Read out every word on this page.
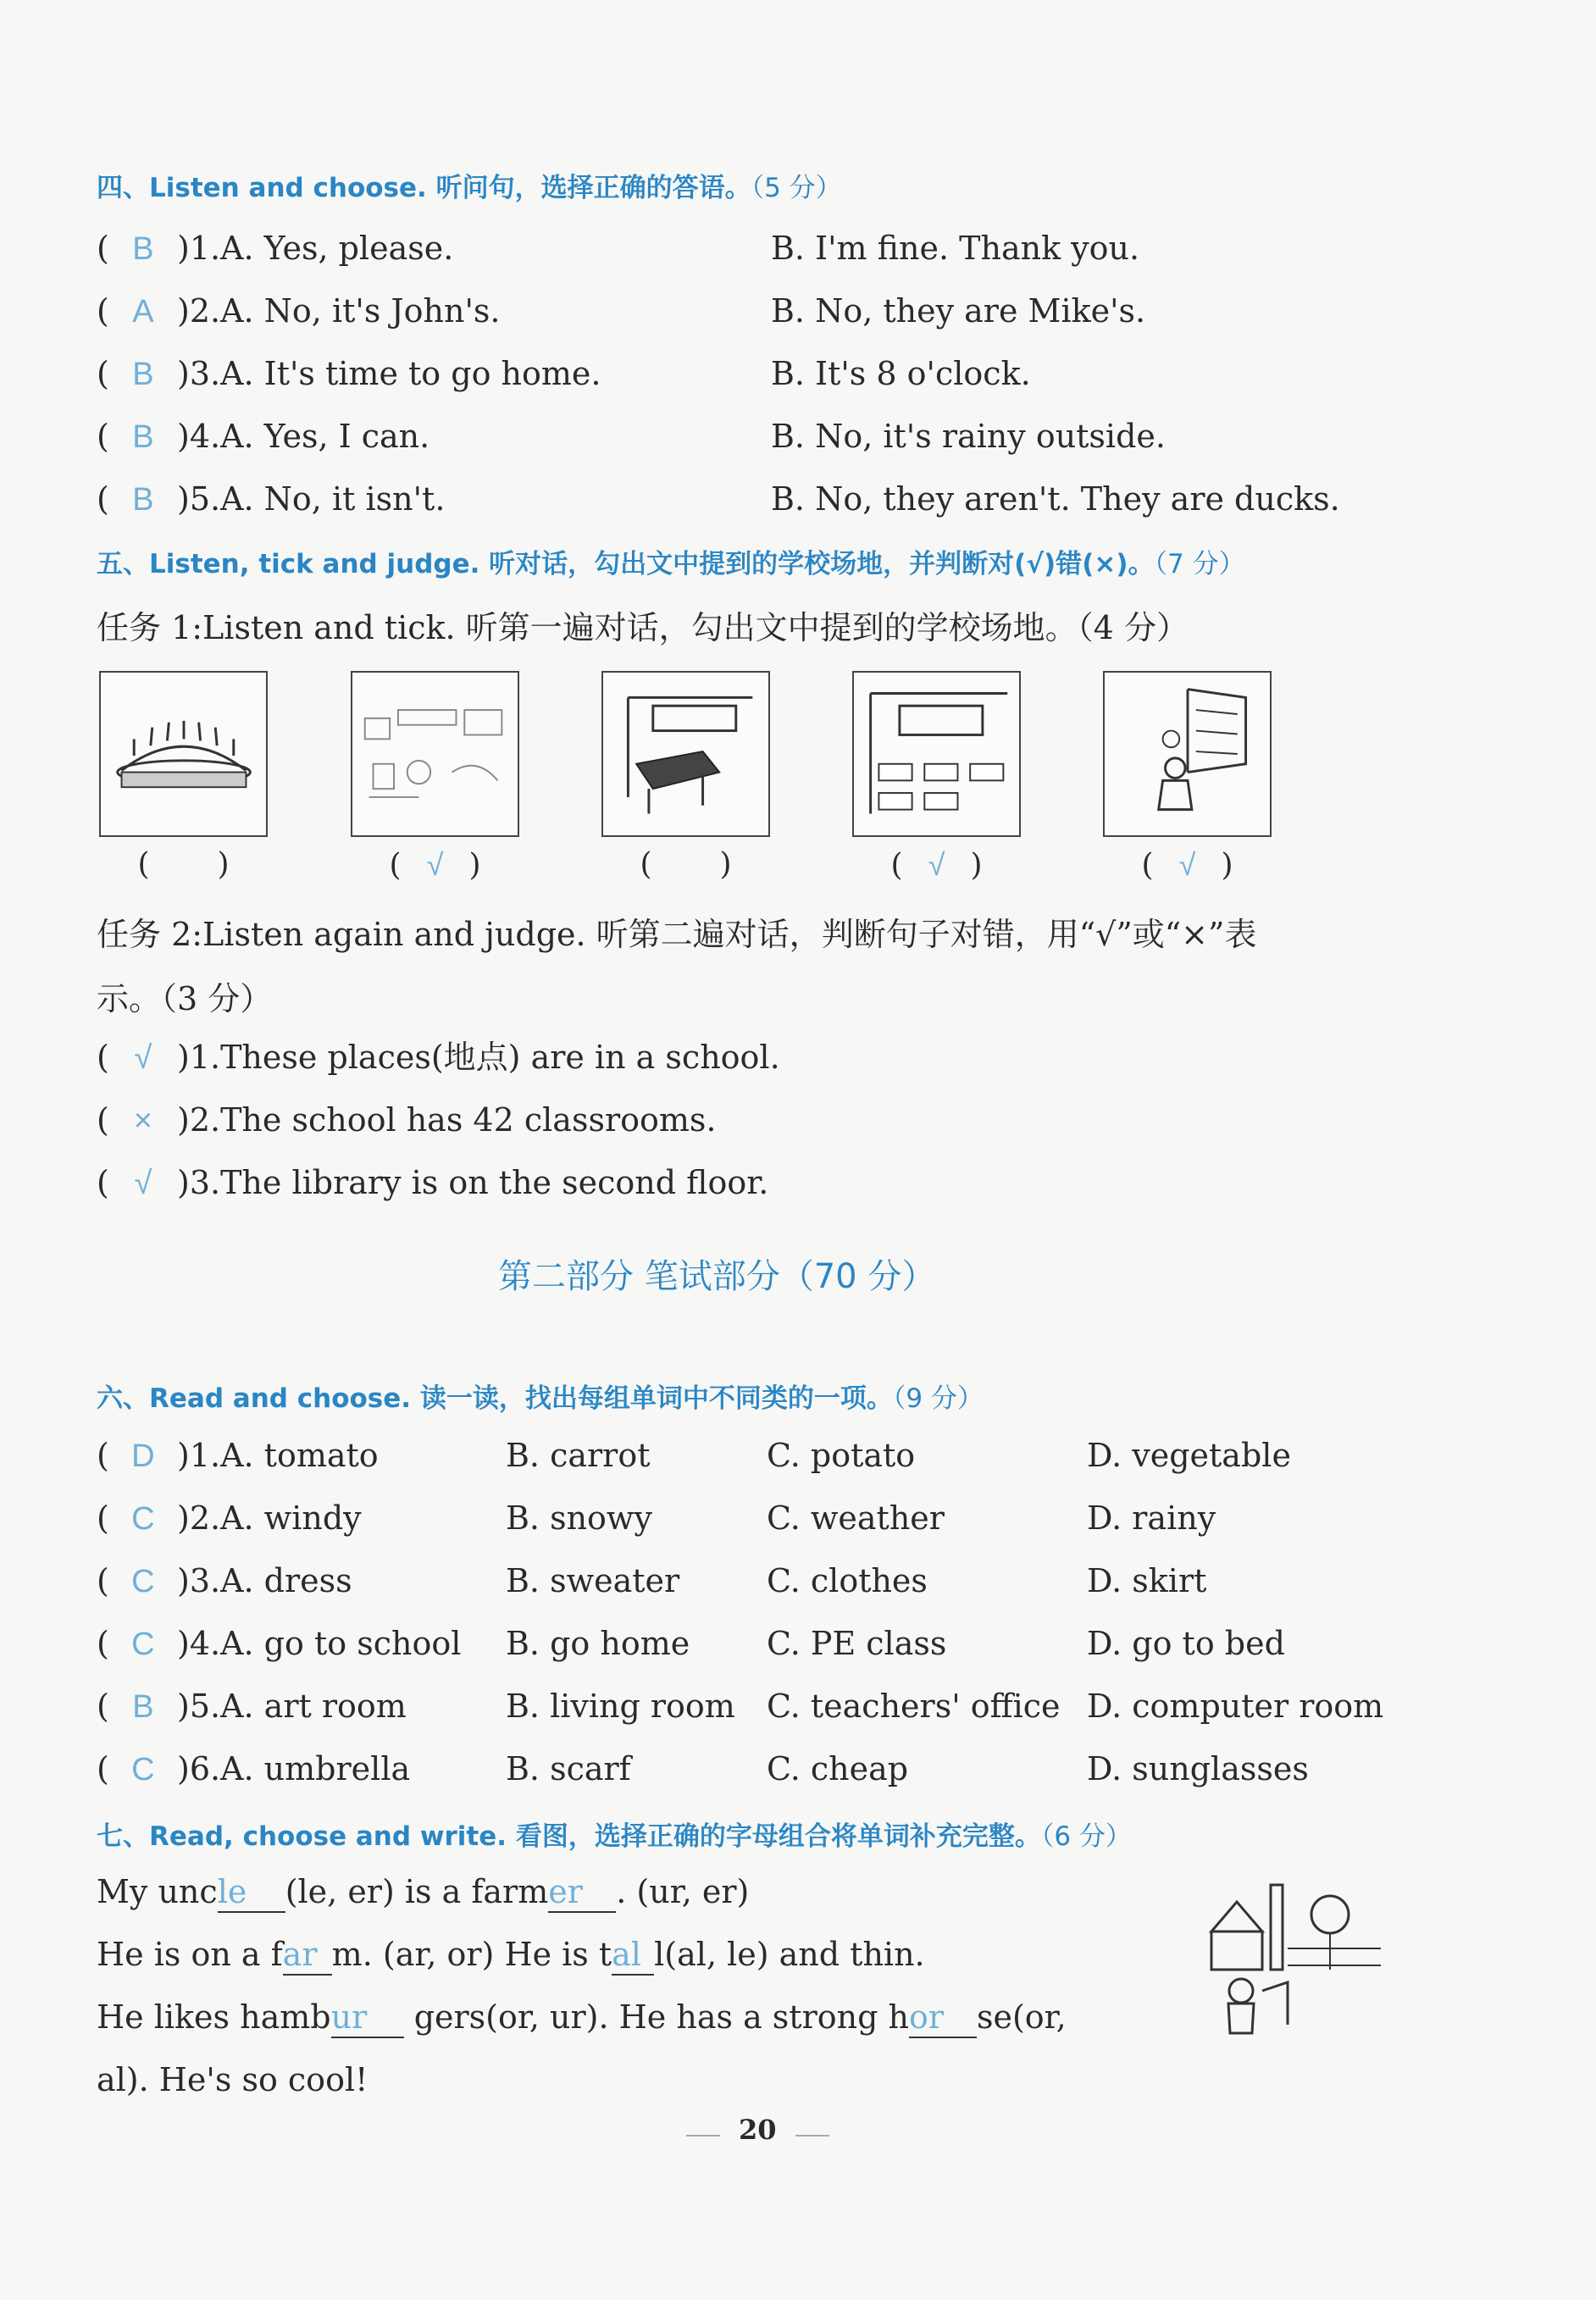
四、Listen and choose. 听问句，选择正确的答语。（5 分）
( B )1.A. Yes, please.	B. I'm fine. Thank you.
( A )2.A. No, it's John's.	B. No, they are Mike's.
( B )3.A. It's time to go home.	B. It's 8 o'clock.
( B )4.A. Yes, I can.	B. No, it's rainy outside.
( B )5.A. No, it isn't.	B. No, they aren't. They are ducks.
五、Listen, tick and judge. 听对话，勾出文中提到的学校场地，并判断对(√)错(×)。（7 分）
任务 1:Listen and tick. 听第一遍对话，勾出文中提到的学校场地。（4 分）
( )	( √ )	( )	( √ )	( √ )
任务 2:Listen again and judge. 听第二遍对话，判断句子对错，用“√”或“×”表
示。（3 分）
( √ )1.These places(地点) are in a school.
( × )2.The school has 42 classrooms.
( √ )3.The library is on the second floor.
第二部分 笔试部分（70 分）
六、Read and choose. 读一读，找出每组单词中不同类的一项。（9 分）
( D )1.A. tomato	B. carrot	C. potato	D. vegetable
( C )2.A. windy	B. snowy	C. weather	D. rainy
( C )3.A. dress	B. sweater	C. clothes	D. skirt
( C )4.A. go to school B. go home C. PE class	D. go to bed
( B )5.A. art room	B. living room C. teachers' office D. computer room
( C )6.A. umbrella	B. scarf	C. cheap	D. sunglasses
七、Read, choose and write. 看图，选择正确的字母组合将单词补充完整。（6 分）
My uncle (le, er) is a farmer . (ur, er)
He is on a far m. (ar, or) He is tal l(al, le) and thin.
He likes hambur gers(or, ur). He has a strong hor se(or,
al). He's so cool!
20
